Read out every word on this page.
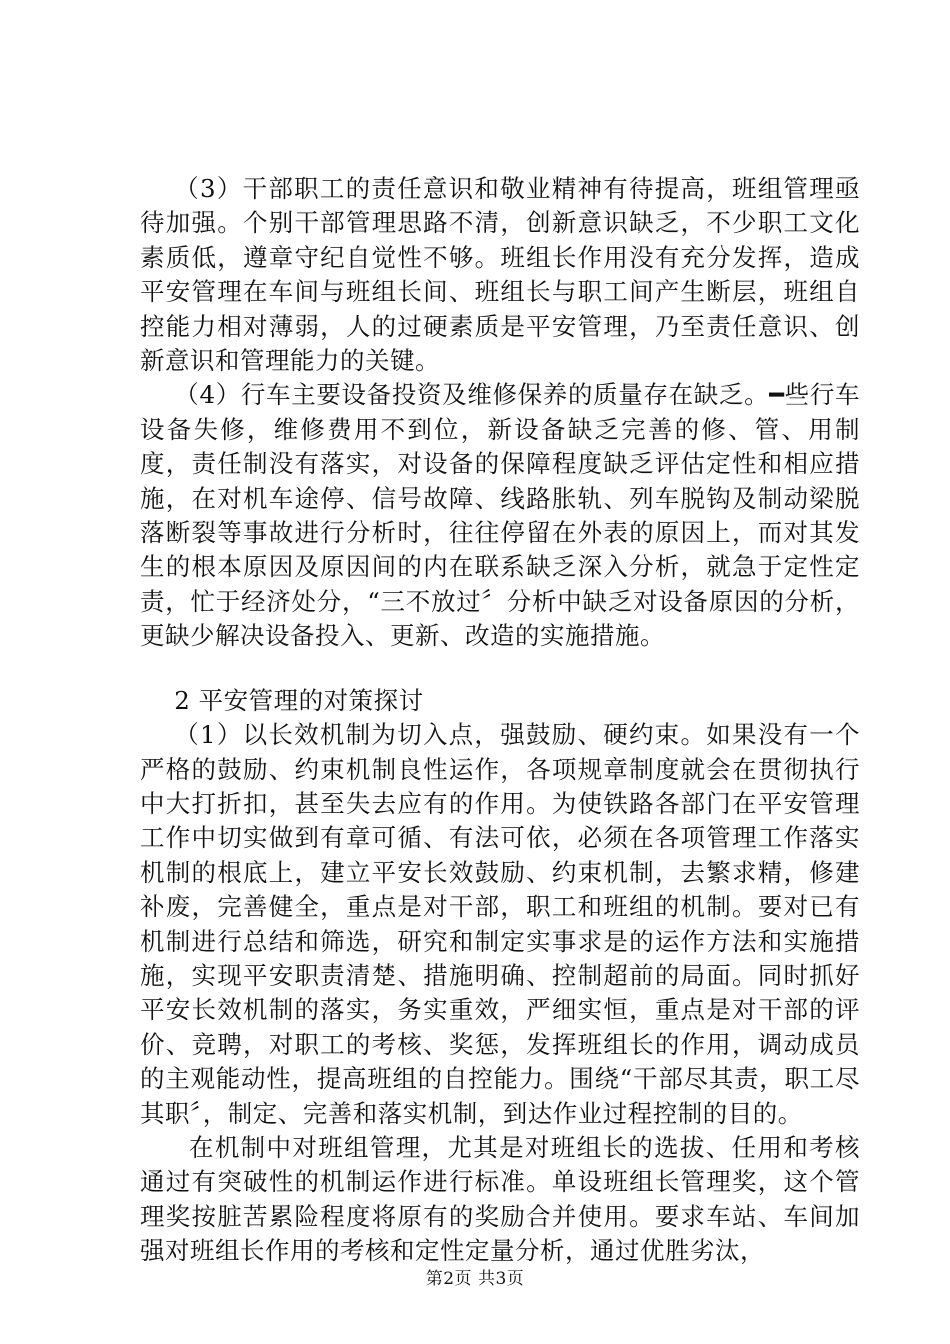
（3）干部职工的责任意识和敬业精神有待提高，班组管理亟待加强。个别干部管理思路不清，创新意识缺乏，不少职工文化素质低，遵章守纪自觉性不够。班组长作用没有充分发挥，造成平安管理在车间与班组长间、班组长与职工间产生断层，班组自控能力相对薄弱，人的过硬素质是平安管理，乃至责任意识、创新意识和管理能力的关键。

（4）行车主要设备投资及维修保养的质量存在缺乏。━些行车设备失修，维修费用不到位，新设备缺乏完善的修、管、用制度，责任制没有落实，对设备的保障程度缺乏评估定性和相应措施，在对机车途停、信号故障、线路胀轨、列车脱钩及制动梁脱落断裂等事故进行分析时，往往停留在外表的原因上，而对其发生的根本原因及原因间的内在联系缺乏深入分析，就急于定性定责，忙于经济处分，“三不放过〞分析中缺乏对设备原因的分析，更缺少解决设备投入、更新、改造的实施措施。

2 平安管理的对策探讨

（1）以长效机制为切入点，强鼓励、硬约束。如果没有一个严格的鼓励、约束机制良性运作，各项规章制度就会在贯彻执行中大打折扣，甚至失去应有的作用。为使铁路各部门在平安管理工作中切实做到有章可循、有法可依，必须在各项管理工作落实机制的根底上，建立平安长效鼓励、约束机制，去繁求精，修建补废，完善健全，重点是对干部，职工和班组的机制。要对已有机制进行总结和筛选，研究和制定实事求是的运作方法和实施措施，实现平安职责清楚、措施明确、控制超前的局面。同时抓好平安长效机制的落实，务实重效，严细实恒，重点是对干部的评价、竞聘，对职工的考核、奖惩，发挥班组长的作用，调动成员的主观能动性，提高班组的自控能力。围绕“干部尽其责，职工尽其职〞，制定、完善和落实机制，到达作业过程控制的目的。

在机制中对班组管理，尤其是对班组长的选拔、任用和考核通过有突破性的机制运作进行标准。单设班组长管理奖，这个管理奖按脏苦累险程度将原有的奖励合并使用。要求车站、车间加强对班组长作用的考核和定性定量分析，通过优胜劣汰，

第2页 共3页
